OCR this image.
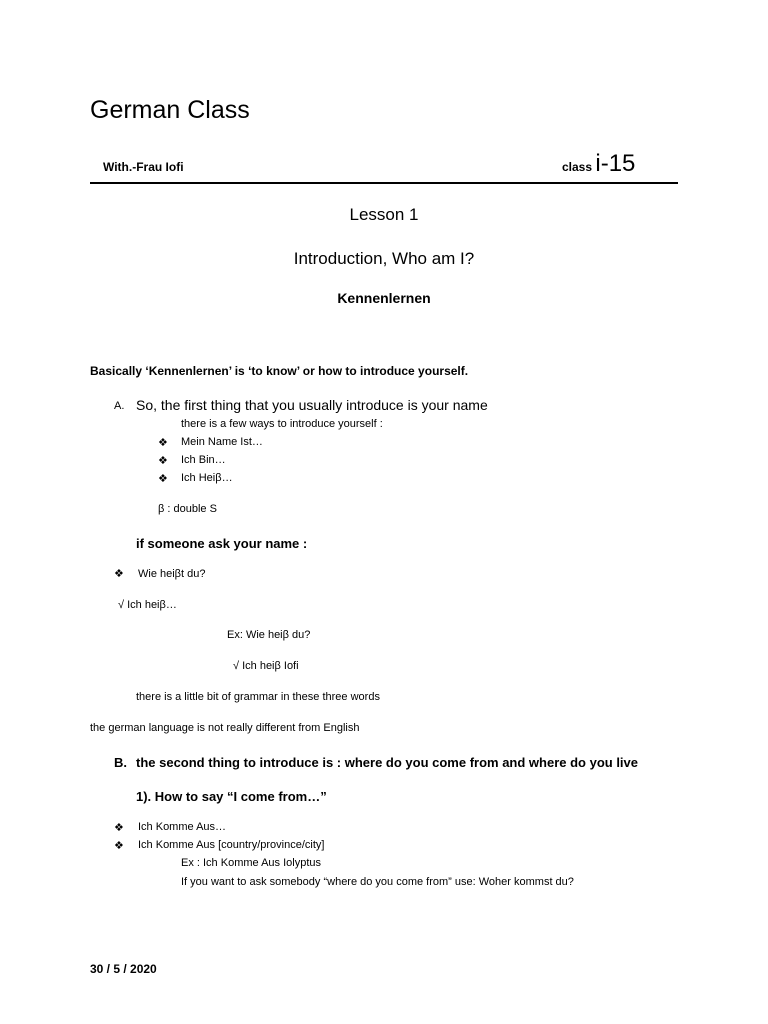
German Class
With.-Frau Iofi	class i-15
Lesson 1
Introduction, Who am I?
Kennenlernen
Basically ‘Kennenlernen’ is ‘to know’ or how to introduce yourself.
A. So, the first thing that you usually introduce is your name
there is a few ways to introduce yourself :
❖ Mein Name Ist…
❖ Ich Bin…
❖ Ich Heiβ…
β : double S
if someone ask your name :
❖ Wie heiβt du?
√ Ich heiβ…
Ex: Wie heiβ du?
√ Ich heiβ Iofi
there is a little bit of grammar in these three words
the german language is not really different from English
B. the second thing to introduce is : where do you come from and where do you live
1). How to say “I come from…”
❖ Ich Komme Aus…
❖ Ich Komme Aus [country/province/city]
Ex : Ich Komme Aus Iolyptus
If you want to ask somebody “where do you come from” use: Woher kommst du?
30 / 5 / 2020
